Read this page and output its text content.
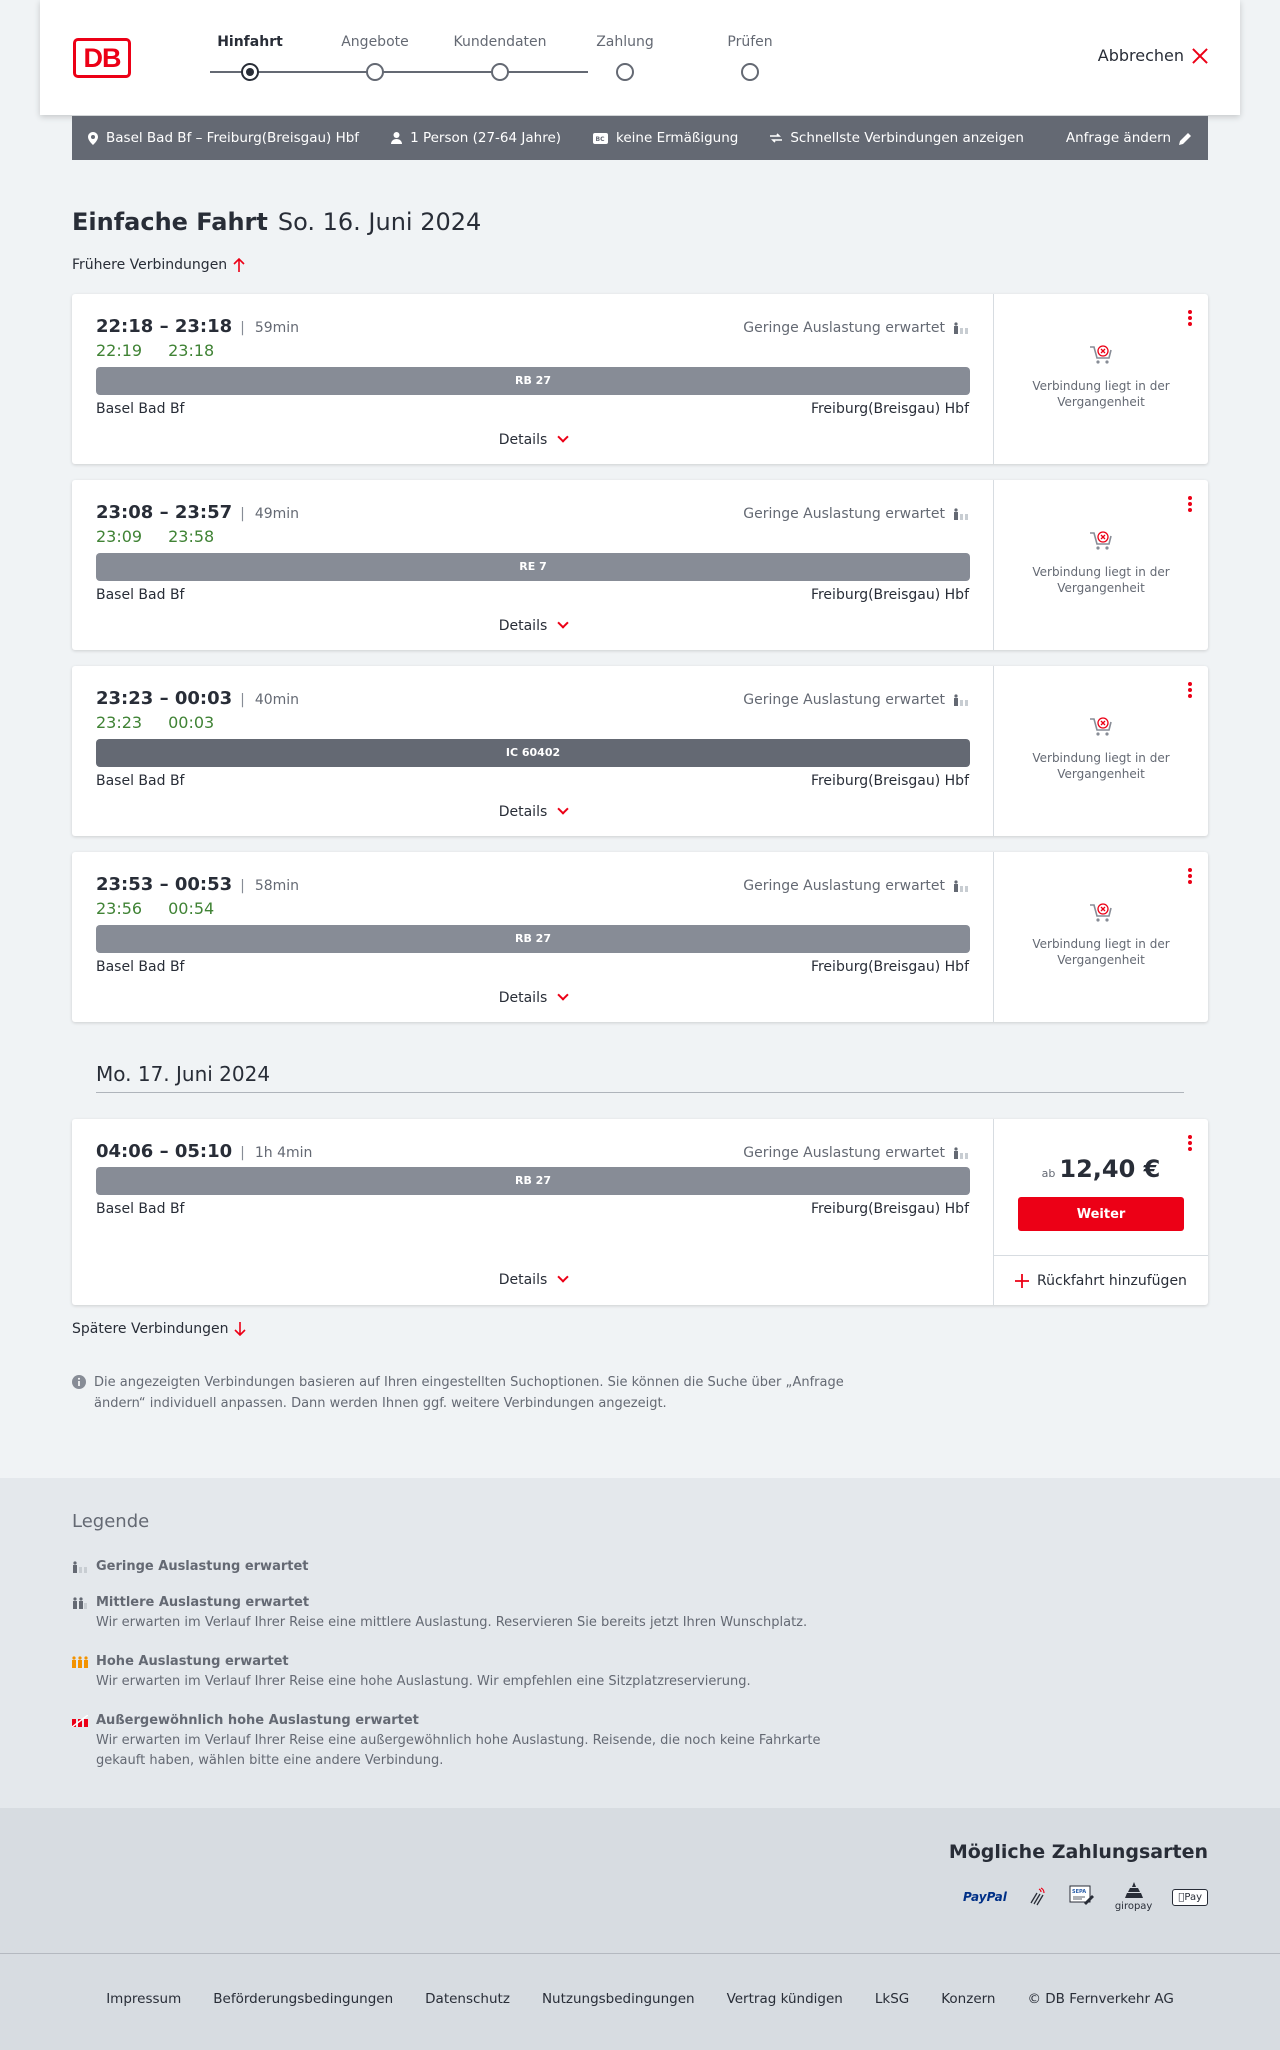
DB
Hinfahrt	Angebote	Kundendaten	Zahlung	Prüfen
Abbrechen
Basel Bad Bf – Freiburg(Breisgau) Hbf	1 Person (27-64 Jahre)	BC keine Ermäßigung	Schnellste Verbindungen anzeigen	Anfrage ändern
Einfache Fahrt So. 16. Juni 2024
Frühere Verbindungen
22:18 – 23:18 | 59min
22:19 23:18
Geringe Auslastung erwartet
RB 27
Basel Bad Bf	Freiburg(Breisgau) Hbf
Details
Verbindung liegt in der Vergangenheit
23:08 – 23:57 | 49min
23:09 23:58
Geringe Auslastung erwartet
RE 7
Basel Bad Bf	Freiburg(Breisgau) Hbf
Details
Verbindung liegt in der Vergangenheit
23:23 – 00:03 | 40min
23:23 00:03
Geringe Auslastung erwartet
IC 60402
Basel Bad Bf	Freiburg(Breisgau) Hbf
Details
Verbindung liegt in der Vergangenheit
23:53 – 00:53 | 58min
23:56 00:54
Geringe Auslastung erwartet
RB 27
Basel Bad Bf	Freiburg(Breisgau) Hbf
Details
Verbindung liegt in der Vergangenheit
Mo. 17. Juni 2024
04:06 – 05:10 | 1h 4min	Geringe Auslastung erwartet
RB 27
Basel Bad Bf	Freiburg(Breisgau) Hbf
Details
ab 12,40 €
Weiter
Rückfahrt hinzufügen
Spätere Verbindungen
Die angezeigten Verbindungen basieren auf Ihren eingestellten Suchoptionen. Sie können die Suche über „Anfrage ändern“ individuell anpassen. Dann werden Ihnen ggf. weitere Verbindungen angezeigt.
Legende
Geringe Auslastung erwartet
Mittlere Auslastung erwartet
Wir erwarten im Verlauf Ihrer Reise eine mittlere Auslastung. Reservieren Sie bereits jetzt Ihren Wunschplatz.
Hohe Auslastung erwartet
Wir erwarten im Verlauf Ihrer Reise eine hohe Auslastung. Wir empfehlen eine Sitzplatzreservierung.
Außergewöhnlich hohe Auslastung erwartet
Wir erwarten im Verlauf Ihrer Reise eine außergewöhnlich hohe Auslastung. Reisende, die noch keine Fahrkarte gekauft haben, wählen bitte eine andere Verbindung.
Mögliche Zahlungsarten
PayPal	SEPA
giropay
Pay
Impressum Beförderungsbedingungen Datenschutz Nutzungsbedingungen Vertrag kündigen LkSG Konzern © DB Fernverkehr AG
